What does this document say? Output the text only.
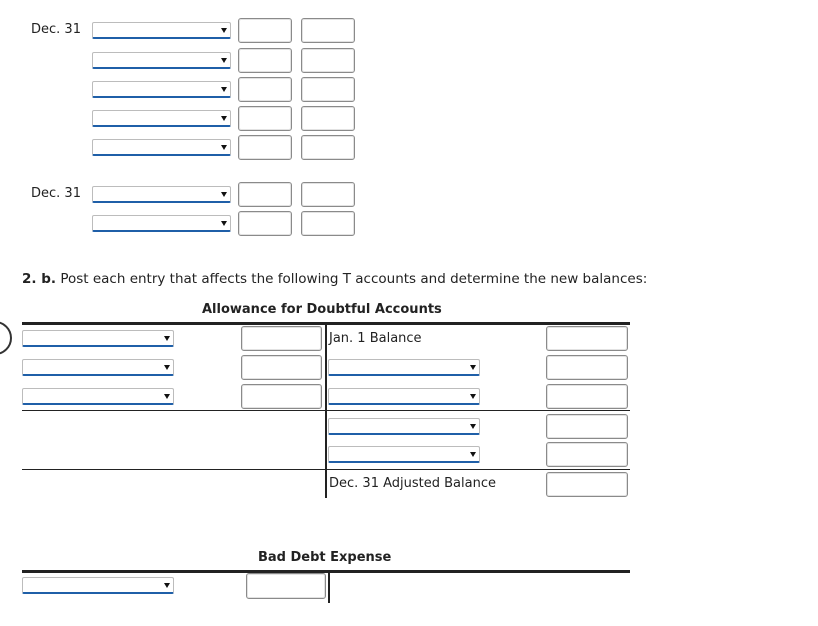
Dec. 31
Dec. 31
2. b. Post each entry that affects the following T accounts and determine the new balances:
Allowance for Doubtful Accounts
Jan. 1 Balance
Dec. 31 Adjusted Balance
Bad Debt Expense
